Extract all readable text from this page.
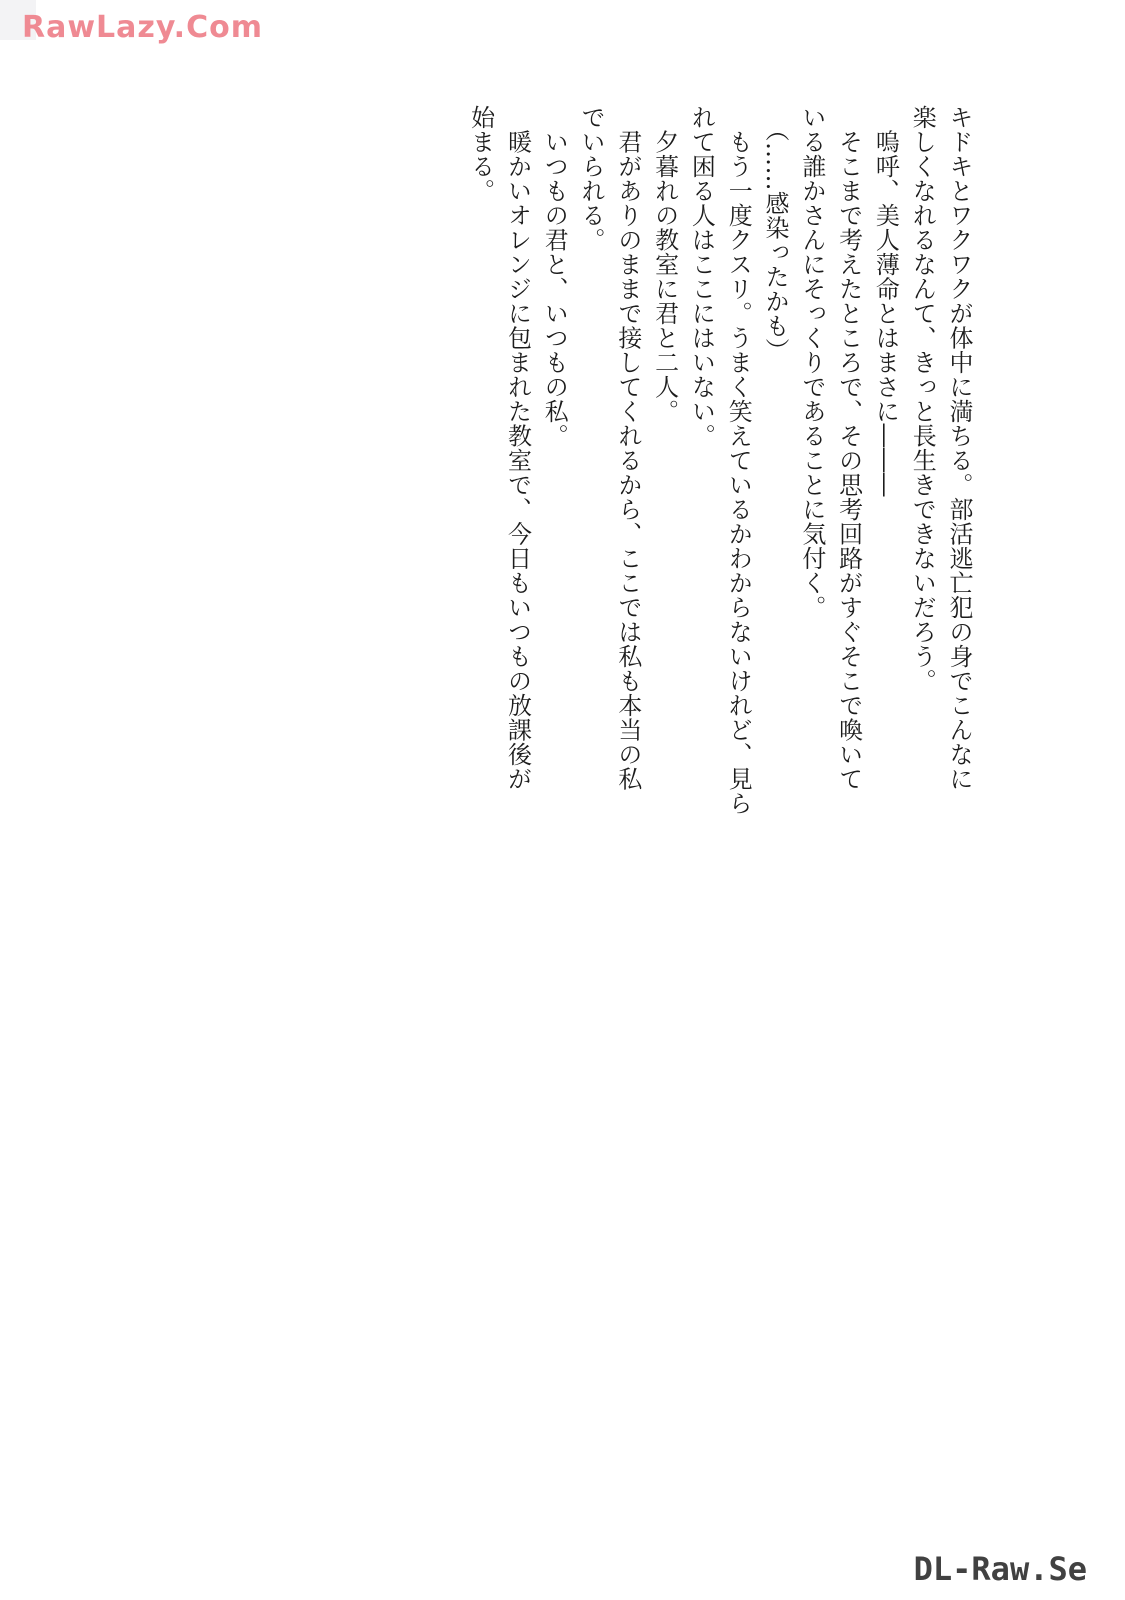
RawLazy.Com

キドキとワクワクが体中に満ちる。部活逃亡犯の身でこんなに

楽しくなれるなんて、きっと長生きできないだろう。

　嗚呼、美人薄命とはまさに―――

　そこまで考えたところで、その思考回路がすぐそこで喚いて

いる誰かさんにそっくりであることに気付く。

　（……感染ったかも）

　もう一度クスリ。うまく笑えているかわからないけれど、見ら

れて困る人はここにはいない。

　夕暮れの教室に君と二人。

　君がありのままで接してくれるから、ここでは私も本当の私

でいられる。

　いつもの君と、いつもの私。

　暖かいオレンジに包まれた教室で、今日もいつもの放課後が

始まる。

DL-Raw.Se
